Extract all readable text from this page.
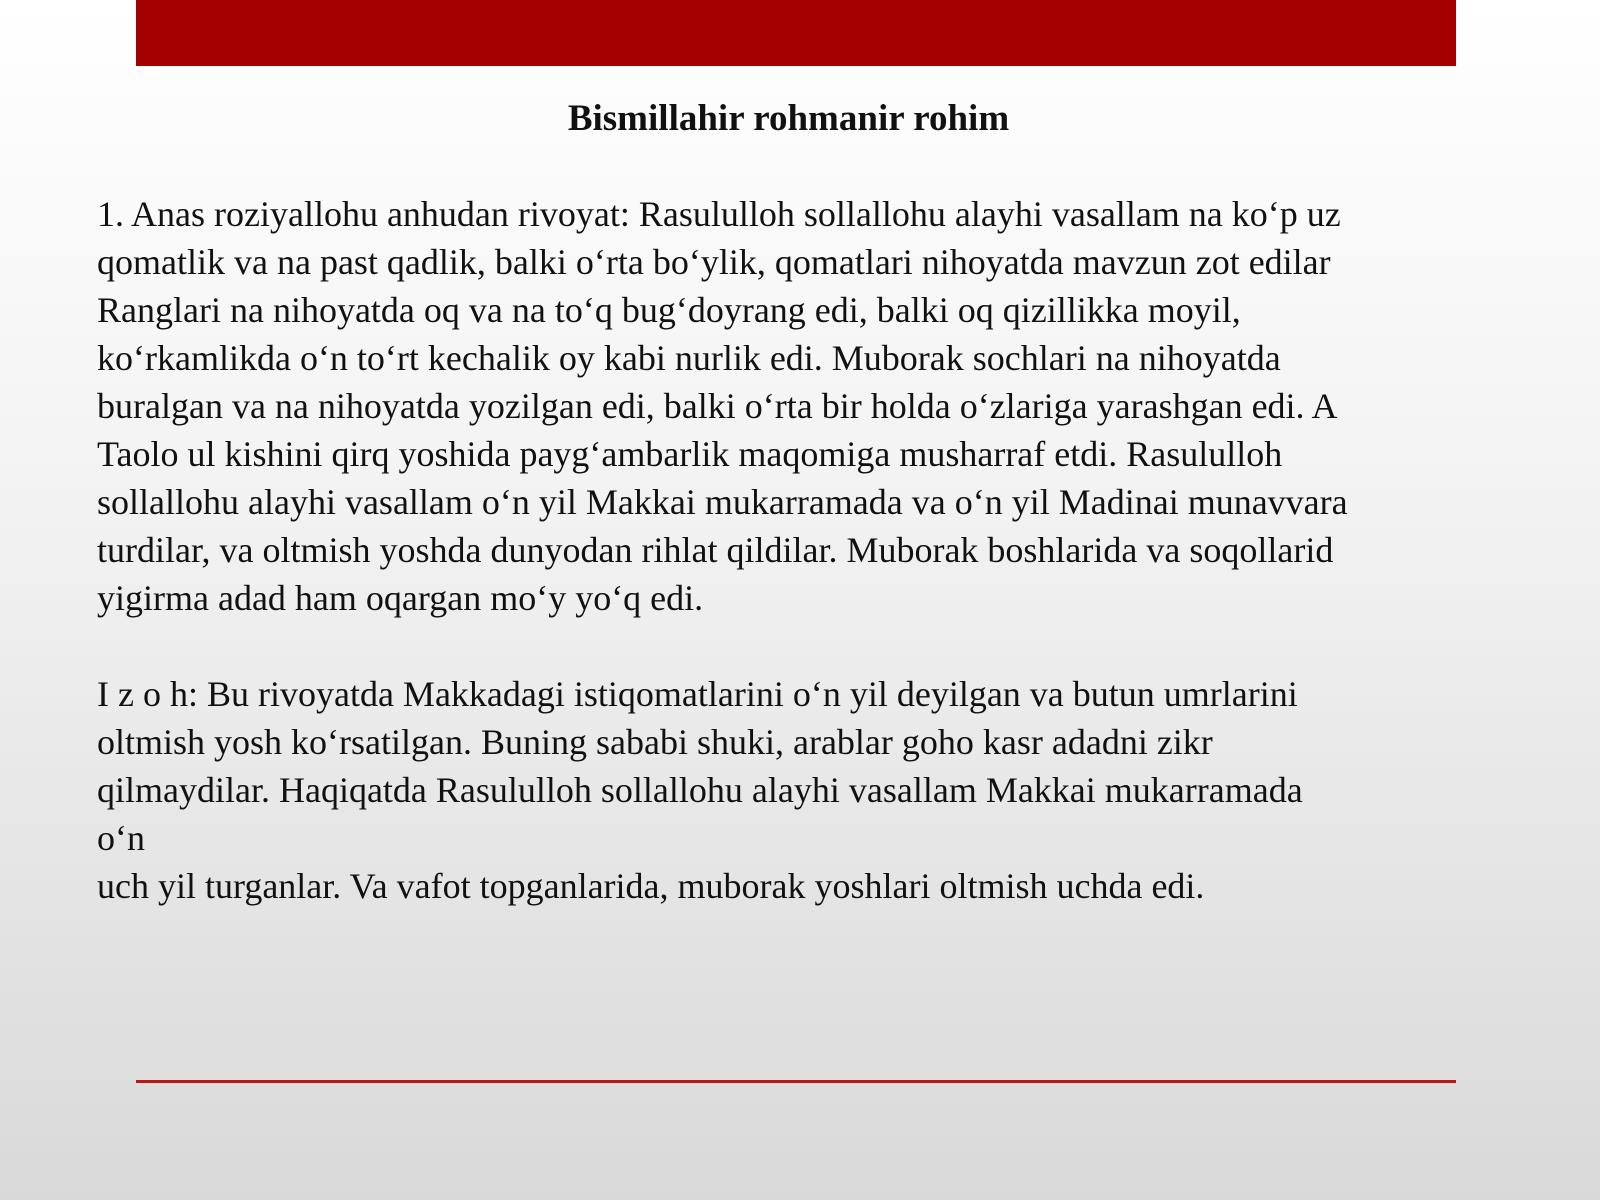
Bismillahir rohmanir rohim
1. Anas roziyallohu anhudan rivoyat: Rasululloh sollallohu alayhi vasallam na ko‘p uz
qomatlik va na past qadlik, balki o‘rta bo‘ylik, qomatlari nihoyatda mavzun zot edilar
Ranglari na nihoyatda oq va na to‘q bug‘doyrang edi, balki oq qizillikka moyil,
ko‘rkamlikda o‘n to‘rt kechalik oy kabi nurlik edi. Muborak sochlari na nihoyatda
buralgan va na nihoyatda yozilgan edi, balki o‘rta bir holda o‘zlariga yarashgan edi. A
Taolo ul kishini qirq yoshida payg‘ambarlik maqomiga musharraf etdi. Rasululloh
sollallohu alayhi vasallam o‘n yil Makkai mukarramada va o‘n yil Madinai munavvara
turdilar, va oltmish yoshda dunyodan rihlat qildilar. Muborak boshlarida va soqollarid
yigirma adad ham oqargan mo‘y yo‘q edi.
I z o h: Bu rivoyatda Makkadagi istiqomatlarini o‘n yil deyilgan va butun umrlarini
oltmish yosh ko‘rsatilgan. Buning sababi shuki, arablar goho kasr adadni zikr
qilmaydilar. Haqiqatda Rasululloh sollallohu alayhi vasallam Makkai mukarramada
o‘n
uch yil turganlar. Va vafot topganlarida, muborak yoshlari oltmish uchda edi.
